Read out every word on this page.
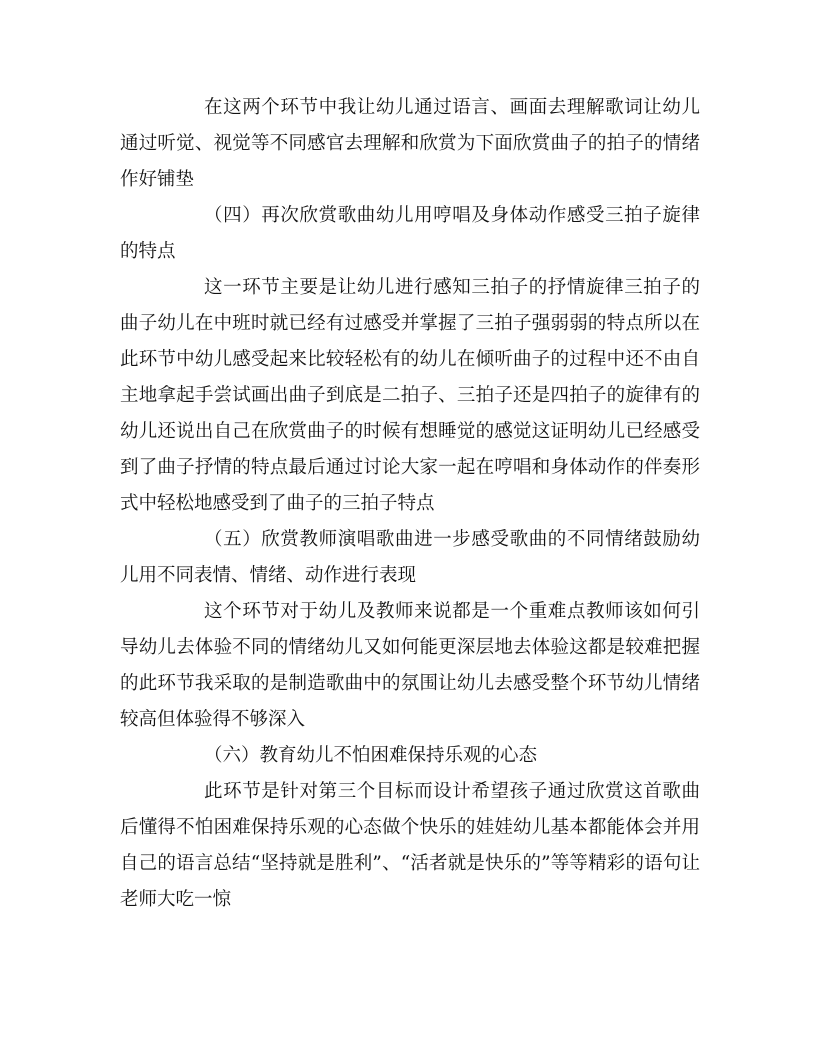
在这两个环节中我让幼儿通过语言、画面去理解歌词让幼儿通过听觉、视觉等不同感官去理解和欣赏为下面欣赏曲子的拍子的情绪作好铺垫

（四）再次欣赏歌曲幼儿用哼唱及身体动作感受三拍子旋律的特点

这一环节主要是让幼儿进行感知三拍子的抒情旋律三拍子的曲子幼儿在中班时就已经有过感受并掌握了三拍子强弱弱的特点所以在此环节中幼儿感受起来比较轻松有的幼儿在倾听曲子的过程中还不由自主地拿起手尝试画出曲子到底是二拍子、三拍子还是四拍子的旋律有的幼儿还说出自己在欣赏曲子的时候有想睡觉的感觉这证明幼儿已经感受到了曲子抒情的特点最后通过讨论大家一起在哼唱和身体动作的伴奏形式中轻松地感受到了曲子的三拍子特点

（五）欣赏教师演唱歌曲进一步感受歌曲的不同情绪鼓励幼儿用不同表情、情绪、动作进行表现

这个环节对于幼儿及教师来说都是一个重难点教师该如何引导幼儿去体验不同的情绪幼儿又如何能更深层地去体验这都是较难把握的此环节我采取的是制造歌曲中的氛围让幼儿去感受整个环节幼儿情绪较高但体验得不够深入

（六）教育幼儿不怕困难保持乐观的心态

此环节是针对第三个目标而设计希望孩子通过欣赏这首歌曲后懂得不怕困难保持乐观的心态做个快乐的娃娃幼儿基本都能体会并用自己的语言总结“坚持就是胜利”、“活者就是快乐的”等等精彩的语句让老师大吃一惊
